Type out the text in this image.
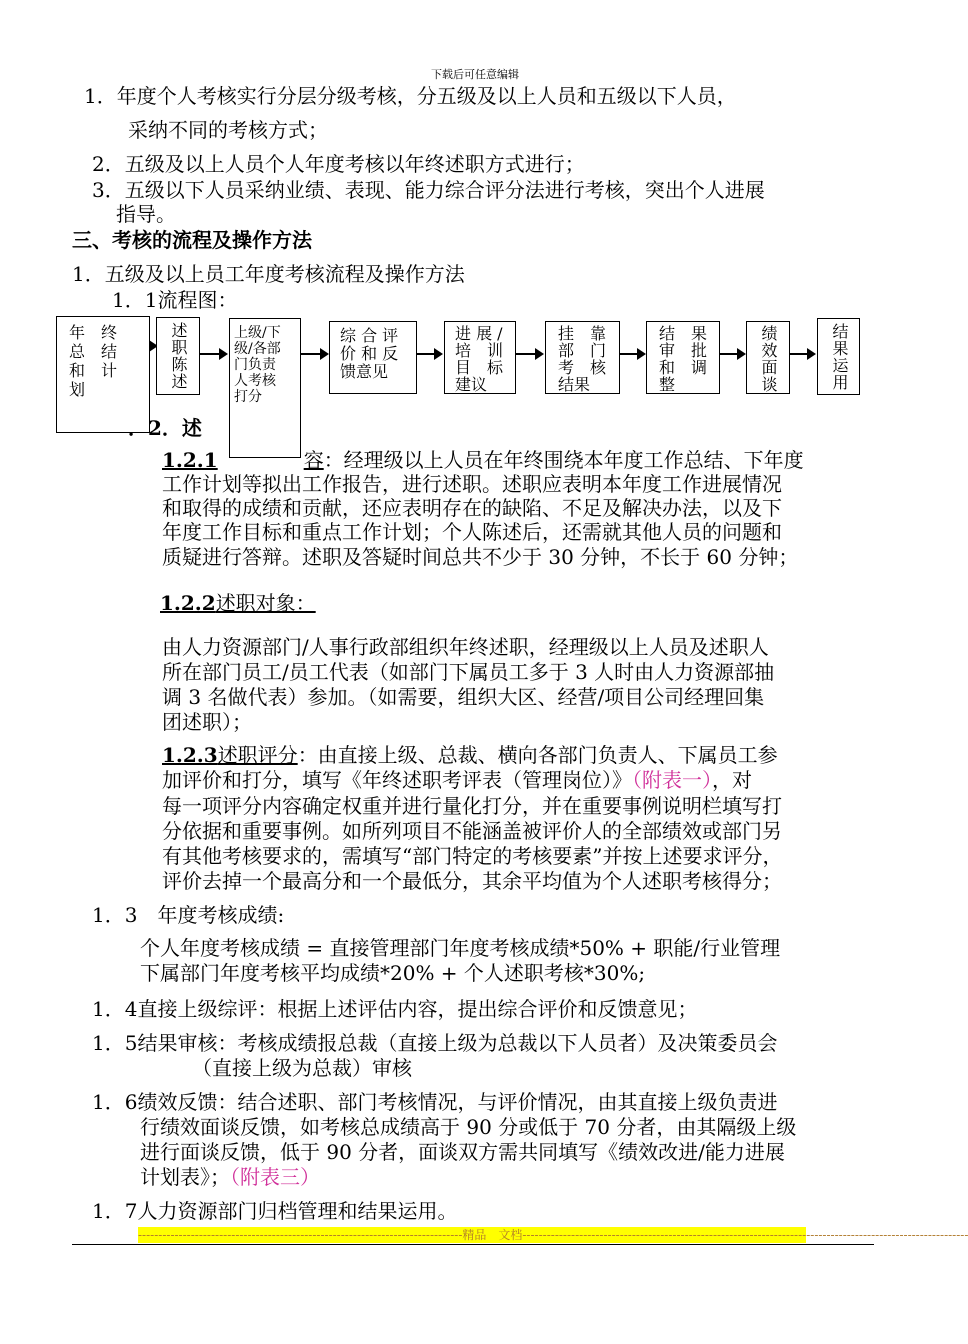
下载后可任意编辑
1．年度个人考核实行分层分级考核，分五级及以上人员和五级以下人员，
采纳不同的考核方式；
2．五级及以上人员个人年度考核以年终述职方式进行；
3．五级以下人员采纳业绩、表现、能力综合评分法进行考核，突出个人进展
指导。
三、考核的流程及操作方法
1．五级及以上员工年度考核流程及操作方法
1．1流程图：
年　终
总　结
和　计
划	述职陈述	上级/下
级/各部
门负责
人考核
打分
综 合 评
价 和 反
馈意见
进 展 /
培　训
目　标
建议
挂　靠
部　门
考　核
结果
结　果
审　批
和　调
整	绩效面谈	结果运用
．2．述
1.2.1	容：经理级以上人员在年终围绕本年度工作总结、下年度
工作计划等拟出工作报告，进行述职。述职应表明本年度工作进展情况
和取得的成绩和贡献，还应表明存在的缺陷、不足及解决办法，以及下
年度工作目标和重点工作计划；个人陈述后，还需就其他人员的问题和
质疑进行答辩。述职及答疑时间总共不少于 30 分钟，不长于 60 分钟；
1.2.2述职对象：
由人力资源部门/人事行政部组织年终述职，经理级以上人员及述职人
所在部门员工/员工代表（如部门下属员工多于 3 人时由人力资源部抽
调 3 名做代表）参加。（如需要，组织大区、经营/项目公司经理回集
团述职）；
1.2.3述职评分：由直接上级、总裁、横向各部门负责人、下属员工参
加评价和打分，填写《年终述职考评表（管理岗位）》（附表一），对
每一项评分内容确定权重并进行量化打分，并在重要事例说明栏填写打
分依据和重要事例。如所列项目不能涵盖被评价人的全部绩效或部门另
有其他考核要求的，需填写“部门特定的考核要素”并按上述要求评分，
评价去掉一个最高分和一个最低分，其余平均值为个人述职考核得分；
1．3　年度考核成绩:
个人年度考核成绩 = 直接管理部门年度考核成绩*50% + 职能/行业管理
下属部门年度考核平均成绩*20% + 个人述职考核*30%;
1．4直接上级综评：根据上述评估内容，提出综合评价和反馈意见；
1．5结果审核：考核成绩报总裁（直接上级为总裁以下人员者）及决策委员会
（直接上级为总裁）审核
1．6绩效反馈：结合述职、部门考核情况，与评价情况，由其直接上级负责进
行绩效面谈反馈，如考核总成绩高于 90 分或低于 70 分者，由其隔级上级
进行面谈反馈，低于 90 分者，面谈双方需共同填写《绩效改进/能力进展
计划表》；（附表三）
1．7人力资源部门归档管理和结果运用。
--------------------------------------------------------------------------------精品　文档--------------------------------------------------------------------------------------------------------------
